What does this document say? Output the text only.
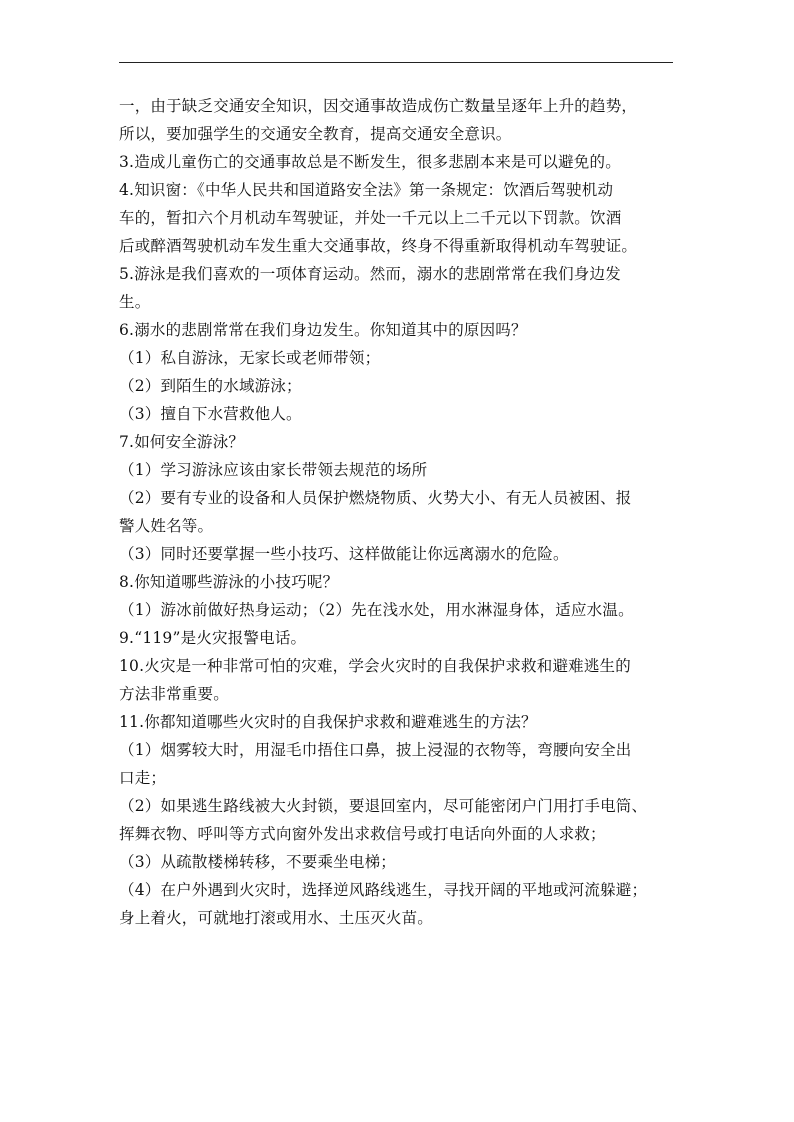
一，由于缺乏交通安全知识，因交通事故造成伤亡数量呈逐年上升的趋势，
所以，要加强学生的交通安全教育，提高交通安全意识。
3.造成儿童伤亡的交通事故总是不断发生，很多悲剧本来是可以避免的。
4.知识窗：《中华人民共和国道路安全法》第一条规定：饮酒后驾驶机动
车的，暂扣六个月机动车驾驶证，并处一千元以上二千元以下罚款。饮酒
后或醉酒驾驶机动车发生重大交通事故，终身不得重新取得机动车驾驶证。
5.游泳是我们喜欢的一项体育运动。然而，溺水的悲剧常常在我们身边发
生。
6.溺水的悲剧常常在我们身边发生。你知道其中的原因吗？
（1）私自游泳，无家长或老师带领；
（2）到陌生的水域游泳；
（3）擅自下水营救他人。
7.如何安全游泳？
（1）学习游泳应该由家长带领去规范的场所
（2）要有专业的设备和人员保护燃烧物质、火势大小、有无人员被困、报
警人姓名等。
（3）同时还要掌握一些小技巧、这样做能让你远离溺水的危险。
8.你知道哪些游泳的小技巧呢？
（1）游冰前做好热身运动；（2）先在浅水处，用水淋湿身体，适应水温。
9.“119”是火灾报警电话。
10.火灾是一种非常可怕的灾难，学会火灾时的自我保护求救和避难逃生的
方法非常重要。
11.你都知道哪些火灾时的自我保护求救和避难逃生的方法？
（1）烟雾较大时，用湿毛巾捂住口鼻，披上浸湿的衣物等，弯腰向安全出
口走；
（2）如果逃生路线被大火封锁，要退回室内，尽可能密闭户门用打手电筒、
挥舞衣物、呼叫等方式向窗外发出求救信号或打电话向外面的人求救；
（3）从疏散楼梯转移，不要乘坐电梯；
（4）在户外遇到火灾时，选择逆风路线逃生，寻找开阔的平地或河流躲避；
身上着火，可就地打滚或用水、土压灭火苗。
